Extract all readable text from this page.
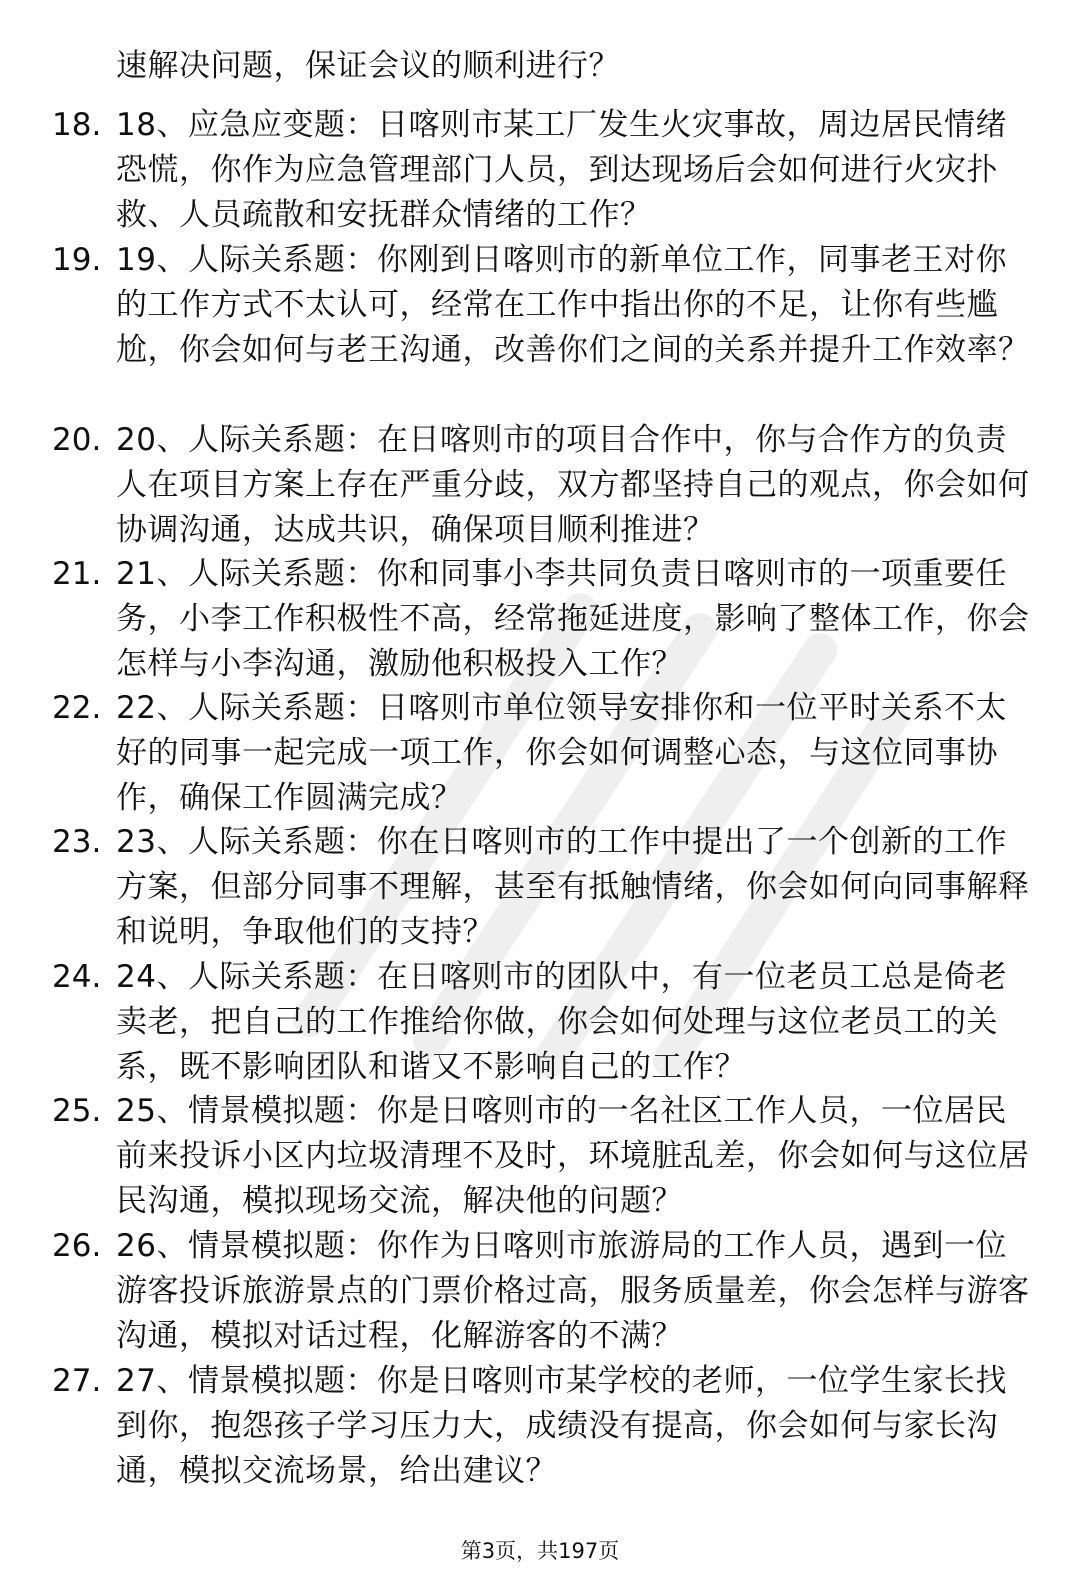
速解决问题，保证会议的顺利进行？
18. 18、应急应变题：日喀则市某工厂发生火灾事故，周边居民情绪恐慌，你作为应急管理部门人员，到达现场后会如何进行火灾扑救、人员疏散和安抚群众情绪的工作？
19. 19、人际关系题：你刚到日喀则市的新单位工作，同事老王对你的工作方式不太认可，经常在工作中指出你的不足，让你有些尴尬，你会如何与老王沟通，改善你们之间的关系并提升工作效率？
20. 20、人际关系题：在日喀则市的项目合作中，你与合作方的负责人在项目方案上存在严重分歧，双方都坚持自己的观点，你会如何协调沟通，达成共识，确保项目顺利推进？
21. 21、人际关系题：你和同事小李共同负责日喀则市的一项重要任务，小李工作积极性不高，经常拖延进度，影响了整体工作，你会怎样与小李沟通，激励他积极投入工作？
22. 22、人际关系题：日喀则市单位领导安排你和一位平时关系不太好的同事一起完成一项工作，你会如何调整心态，与这位同事协作，确保工作圆满完成？
23. 23、人际关系题：你在日喀则市的工作中提出了一个创新的工作方案，但部分同事不理解，甚至有抵触情绪，你会如何向同事解释和说明，争取他们的支持？
24. 24、人际关系题：在日喀则市的团队中，有一位老员工总是倚老卖老，把自己的工作推给你做，你会如何处理与这位老员工的关系，既不影响团队和谐又不影响自己的工作？
25. 25、情景模拟题：你是日喀则市的一名社区工作人员，一位居民前来投诉小区内垃圾清理不及时，环境脏乱差，你会如何与这位居民沟通，模拟现场交流，解决他的问题？
26. 26、情景模拟题：你作为日喀则市旅游局的工作人员，遇到一位游客投诉旅游景点的门票价格过高，服务质量差，你会怎样与游客沟通，模拟对话过程，化解游客的不满？
27. 27、情景模拟题：你是日喀则市某学校的老师，一位学生家长找到你，抱怨孩子学习压力大，成绩没有提高，你会如何与家长沟通，模拟交流场景，给出建议？
第3页，共197页
